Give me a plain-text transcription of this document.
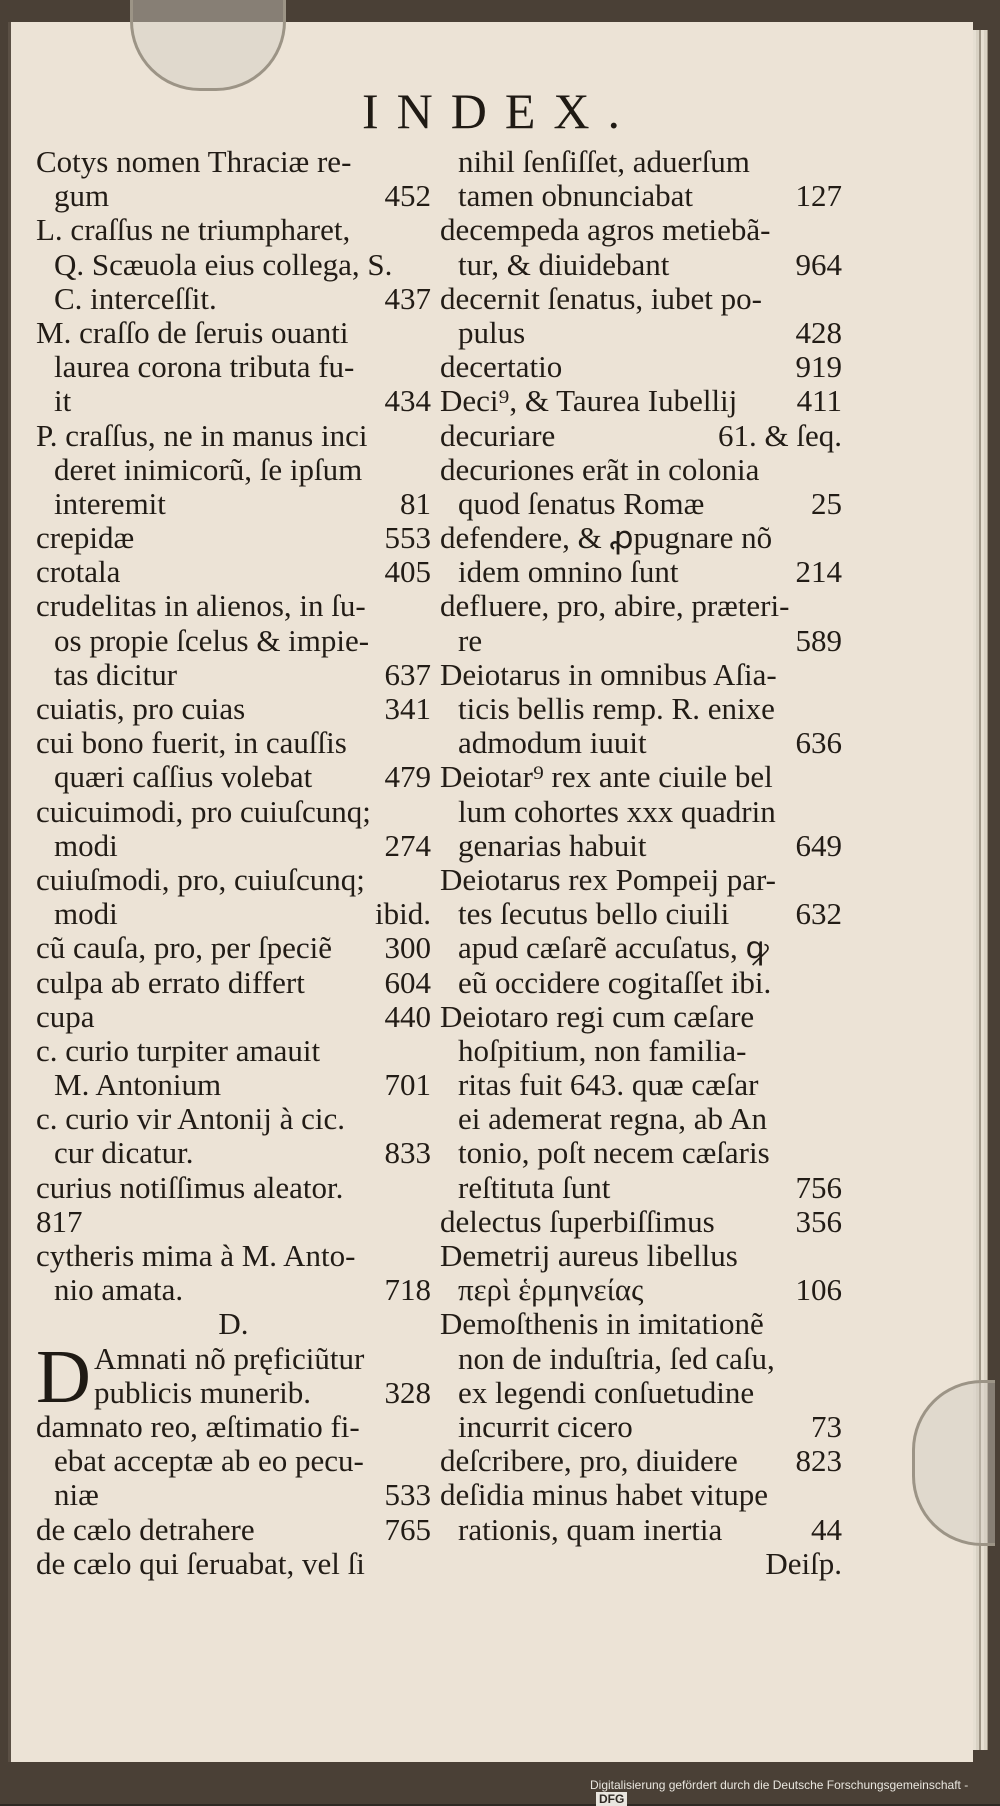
INDEX.
Cotys nomen Thraciæ re-
gum	452
L. craſſus ne triumpharet,
Q. Scæuola eius collega, S.
C. interceſſit.	437
M. craſſo de ſeruis ouanti
laurea corona tributa fu-
it	434
P. craſſus, ne in manus inci
deret inimicorũ, ſe ipſum
interemit	81
crepidæ	553
crotala	405
crudelitas in alienos, in ſu-
os propie ſcelus & impie-
tas dicitur	637
cuiatis, pro cuias	341
cui bono fuerit, in cauſſis
quæri caſſius volebat	479
cuicuimodi, pro cuiuſcunq;
modi	274
cuiuſmodi, pro, cuiuſcunq;
modi	ibid.
cũ cauſa, pro, per ſpeciẽ	300
culpa ab errato differt	604
cupa	440
c. curio turpiter amauit
M. Antonium	701
c. curio vir Antonij à cic.
cur dicatur.	833
curius notiſſimus aleator.
817
cytheris mima à M. Anto-
nio amata.	718
D.
D Amnati nõ pręficiũtur
publicis munerib.	328
damnato reo, æſtimatio fi-
ebat acceptæ ab eo pecu-
niæ	533
de cælo detrahere	765
de cælo qui ſeruabat, vel ſi
nihil ſenſiſſet, aduerſum
tamen obnunciabat	127
decempeda agros metiebã-
tur, & diuidebant	964
decernit ſenatus, iubet po-
pulus	428
decertatio	919
Deci⁹, & Taurea Iubellij	411
decuriare	61. & ſeq.
decuriones erãt in colonia
quod ſenatus Romæ	25
defendere, & ꝓpugnare nõ
idem omnino ſunt	214
defluere, pro, abire, præteri-
re	589
Deiotarus in omnibus Aſia-
ticis bellis remp. R. enixe
admodum iuuit	636
Deiotar⁹ rex ante ciuile bel
lum cohortes xxx quadrin
genarias habuit	649
Deiotarus rex Pompeij par-
tes ſecutus bello ciuili	632
apud cæſarẽ accuſatus, ꝙ
eũ occidere cogitaſſet ibi.
Deiotaro regi cum cæſare
hoſpitium, non familia-
ritas fuit 643. quæ cæſar
ei ademerat regna, ab An
tonio, poſt necem cæſaris
reſtituta ſunt	756
delectus ſuperbiſſimus	356
Demetrij aureus libellus
περὶ ἑρμηνείας	106
Demoſthenis in imitationẽ
non de induſtria, ſed caſu,
ex legendi conſuetudine
incurrit cicero	73
deſcribere, pro, diuidere	823
deſidia minus habet vitupe
rationis, quam inertia	44
Deiſp.
Digitalisierung gefördert durch die Deutsche Forschungsgemeinschaft -DFG
